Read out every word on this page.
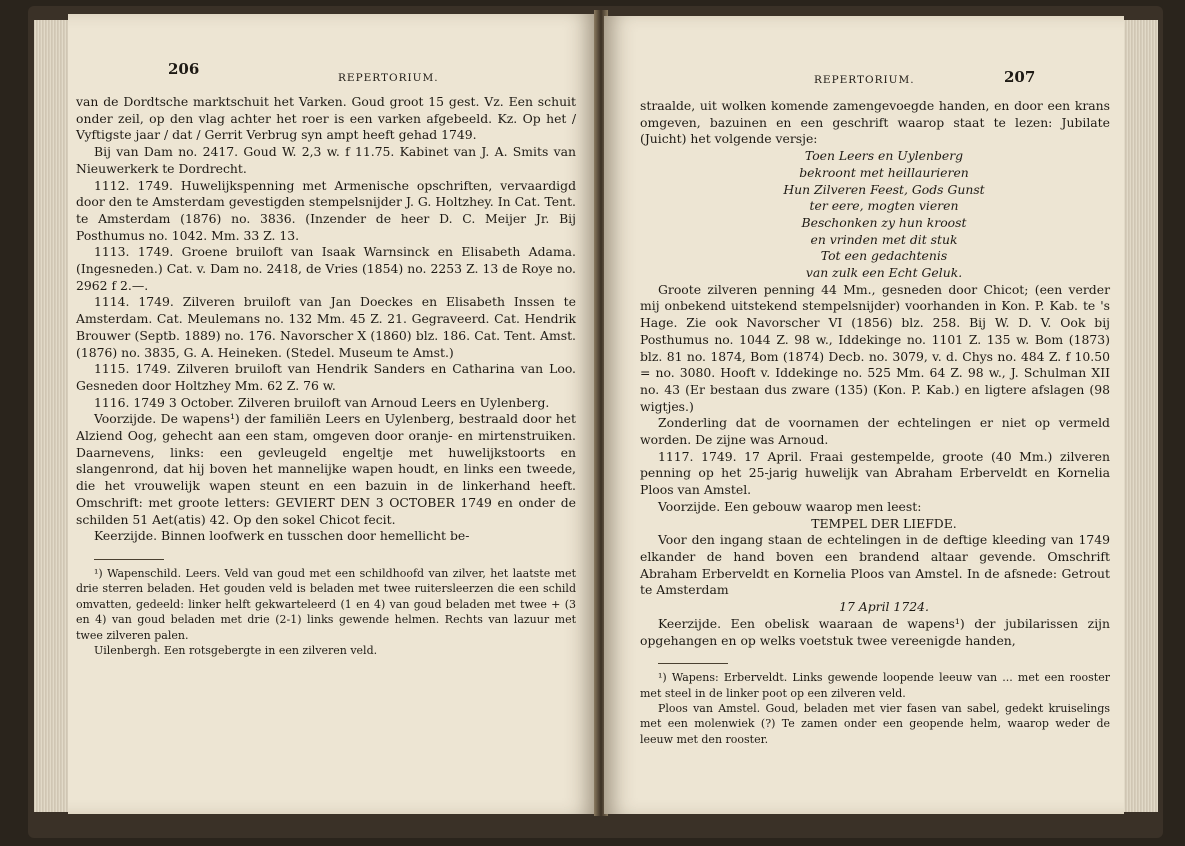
206	REPERTORIUM.

van de Dordtsche marktschuit het Varken. Goud groot 15 gest. Vz. Een schuit onder zeil, op den vlag achter het roer is een varken afgebeeld. Kz. Op het / Vyftigste jaar / dat / Gerrit Verbrug syn ampt heeft gehad 1749.

Bij van Dam no. 2417. Goud W. 2,3 w. f 11.75. Kabinet van J. A. Smits van Nieuwerkerk te Dordrecht.

1112. 1749. Huwelijkspenning met Armenische opschriften, vervaardigd door den te Amsterdam gevestigden stempelsnijder J. G. Holtzhey. In Cat. Tent. te Amsterdam (1876) no. 3836. (Inzender de heer D. C. Meijer Jr. Bij Posthumus no. 1042. Mm. 33 Z. 13.

1113. 1749. Groene bruiloft van Isaak Warnsinck en Elisabeth Adama. (Ingesneden.) Cat. v. Dam no. 2418, de Vries (1854) no. 2253 Z. 13 de Roye no. 2962 f 2.—.

1114. 1749. Zilveren bruiloft van Jan Doeckes en Elisabeth Inssen te Amsterdam. Cat. Meulemans no. 132 Mm. 45 Z. 21. Gegraveerd. Cat. Hendrik Brouwer (Septb. 1889) no. 176. Navorscher X (1860) blz. 186. Cat. Tent. Amst. (1876) no. 3835, G. A. Heineken. (Stedel. Museum te Amst.)

1115. 1749. Zilveren bruiloft van Hendrik Sanders en Catharina van Loo. Gesneden door Holtzhey Mm. 62 Z. 76 w.

1116. 1749 3 October. Zilveren bruiloft van Arnoud Leers en Uylenberg.

Voorzijde. De wapens¹) der familiën Leers en Uylenberg, bestraald door het Alziend Oog, gehecht aan een stam, omgeven door oranje- en mirtenstruiken. Daarnevens, links: een gevleugeld engeltje met huwelijkstoorts en slangenrond, dat hij boven het mannelijke wapen houdt, en links een tweede, die het vrouwelijk wapen steunt en een bazuin in de linkerhand heeft. Omschrift: met groote letters: GEVIERT DEN 3 OCTOBER 1749 en onder de schilden 51 Aet(atis) 42. Op den sokel Chicot fecit.

Keerzijde. Binnen loofwerk en tusschen door hemellicht be-

¹) Wapenschild. Leers. Veld van goud met een schildhoofd van zilver, het laatste met drie sterren beladen. Het gouden veld is beladen met twee ruitersleerzen die een schild omvatten, gedeeld: linker helft gekwarteleerd (1 en 4) van goud beladen met twee + (3 en 4) van goud beladen met drie (2-1) links gewende helmen. Rechts van lazuur met twee zilveren palen.

Uilenbergh. Een rotsgebergte in een zilveren veld.

REPERTORIUM.	207

straalde, uit wolken komende zamengevoegde handen, en door een krans omgeven, bazuinen en een geschrift waarop staat te lezen: Jubilate (Juicht) het volgende versje:

Toen Leers en Uylenberg

bekroont met heillaurieren

Hun Zilveren Feest, Gods Gunst

ter eere, mogten vieren

Beschonken zy hun kroost

en vrinden met dit stuk

Tot een gedachtenis

van zulk een Echt Geluk.

Groote zilveren penning 44 Mm., gesneden door Chicot; (een verder mij onbekend uitstekend stempelsnijder) voorhanden in Kon. P. Kab. te 's Hage. Zie ook Navorscher VI (1856) blz. 258. Bij W. D. V. Ook bij Posthumus no. 1044 Z. 98 w., Iddekinge no. 1101 Z. 135 w. Bom (1873) blz. 81 no. 1874, Bom (1874) Decb. no. 3079, v. d. Chys no. 484 Z. f 10.50 = no. 3080. Hooft v. Iddekinge no. 525 Mm. 64 Z. 98 w., J. Schulman XII no. 43 (Er bestaan dus zware (135) (Kon. P. Kab.) en ligtere afslagen (98 wigtjes.)

Zonderling dat de voornamen der echtelingen er niet op vermeld worden. De zijne was Arnoud.

1117. 1749. 17 April. Fraai gestempelde, groote (40 Mm.) zilveren penning op het 25-jarig huwelijk van Abraham Erberveldt en Kornelia Ploos van Amstel.

Voorzijde. Een gebouw waarop men leest:

TEMPEL DER LIEFDE.

Voor den ingang staan de echtelingen in de deftige kleeding van 1749 elkander de hand boven een brandend altaar gevende. Omschrift Abraham Erberveldt en Kornelia Ploos van Amstel. In de afsnede: Getrout te Amsterdam

17 April 1724.

Keerzijde. Een obelisk waaraan de wapens¹) der jubilarissen zijn opgehangen en op welks voetstuk twee vereenigde handen,

¹) Wapens: Erberveldt. Links gewende loopende leeuw van ... met een rooster met steel in de linker poot op een zilveren veld.

Ploos van Amstel. Goud, beladen met vier fasen van sabel, gedekt kruiselings met een molenwiek (?) Te zamen onder een geopende helm, waarop weder de leeuw met den rooster.
